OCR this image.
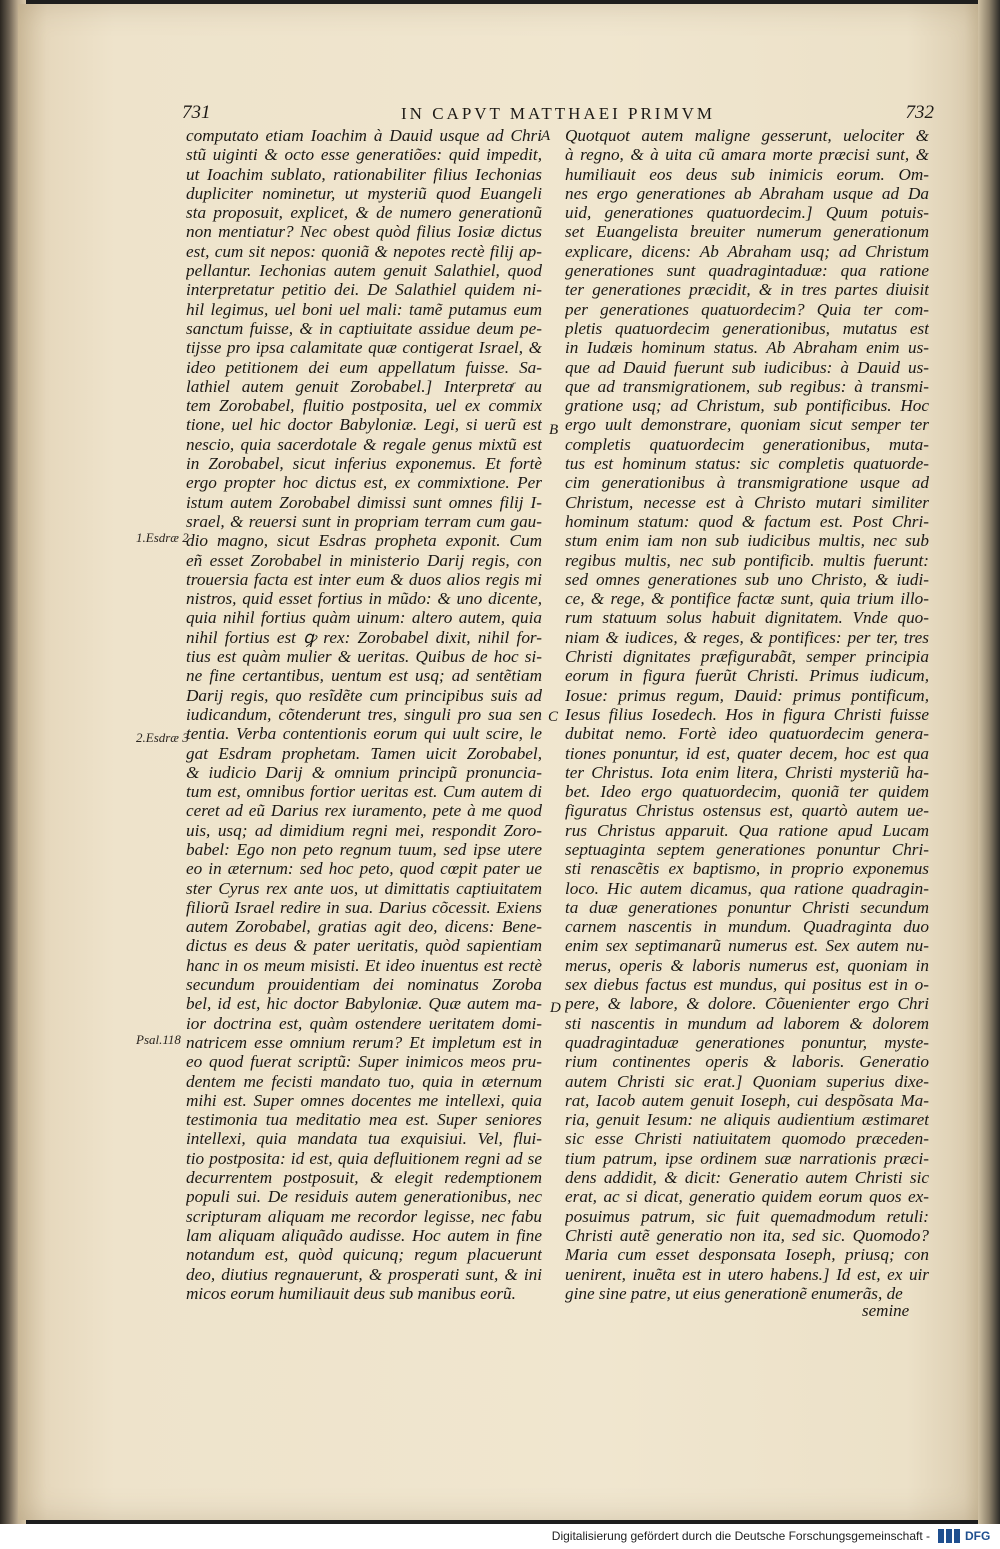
731	IN CAPVT MATTHAEI PRIMVM	732
computato etiam Ioachim à Dauid usque ad Chri
stũ uiginti & octo esse generatiões: quid impedit,
ut Ioachim sublato, rationabiliter filius Iechonias
dupliciter nominetur, ut mysteriũ quod Euangeli
sta proposuit, explicet, & de numero generationũ
non mentiatur? Nec obest quòd filius Iosiæ dictus
est, cum sit nepos: quoniã & nepotes rectè filij ap-
pellantur. Iechonias autem genuit Salathiel, quod
interpretatur petitio dei. De Salathiel quidem ni-
hil legimus, uel boni uel mali: tamẽ putamus eum
sanctum fuisse, & in captiuitate assidue deum pe-
tijsse pro ipsa calamitate quæ contigerat Israel, &
ideo petitionem dei eum appellatum fuisse. Sa-
lathiel autem genuit Zorobabel.] Interpretaͬ au
tem Zorobabel, fluitio postposita, uel ex commix
tione, uel hic doctor Babyloniæ. Legi, si uerũ est
nescio, quia sacerdotale & regale genus mixtũ est
in Zorobabel, sicut inferius exponemus. Et fortè
ergo propter hoc dictus est, ex commixtione. Per
istum autem Zorobabel dimissi sunt omnes filij I-
srael, & reuersi sunt in propriam terram cum gau-
dio magno, sicut Esdras propheta exponit. Cum
eñ esset Zorobabel in ministerio Darij regis, con
trouersia facta est inter eum & duos alios regis mi
nistros, quid esset fortius in mũdo: & uno dicente,
quia nihil fortius quàm uinum: altero autem, quia
nihil fortius est ꝙ rex: Zorobabel dixit, nihil for-
tius est quàm mulier & ueritas. Quibus de hoc si-
ne fine certantibus, uentum est usq; ad sentẽtiam
Darij regis, quo resĩdẽte cum principibus suis ad
iudicandum, cõtenderunt tres, singuli pro sua sen
tentia. Verba contentionis eorum qui uult scire, le
gat Esdram prophetam. Tamen uicit Zorobabel,
& iudicio Darij & omnium principũ pronuncia-
tum est, omnibus fortior ueritas est. Cum autem di
ceret ad eũ Darius rex iuramento, pete à me quod
uis, usq; ad dimidium regni mei, respondit Zoro-
babel: Ego non peto regnum tuum, sed ipse utere
eo in æternum: sed hoc peto, quod cœpit pater ue
ster Cyrus rex ante uos, ut dimittatis captiuitatem
filiorũ Israel redire in sua. Darius cõcessit. Exiens
autem Zorobabel, gratias agit deo, dicens: Bene-
dictus es deus & pater ueritatis, quòd sapientiam
hanc in os meum misisti. Et ideo inuentus est rectè
secundum prouidentiam dei nominatus Zoroba
bel, id est, hic doctor Babyloniæ. Quæ autem ma-
ior doctrina est, quàm ostendere ueritatem domi-
natricem esse omnium rerum? Et impletum est in
eo quod fuerat scriptũ: Super inimicos meos pru-
dentem me fecisti mandato tuo, quia in æternum
mihi est. Super omnes docentes me intellexi, quia
testimonia tua meditatio mea est. Super seniores
intellexi, quia mandata tua exquisiui. Vel, flui-
tio postposita: id est, quia defluitionem regni ad se
decurrentem postposuit, & elegit redemptionem
populi sui. De residuis autem generationibus, nec
scripturam aliquam me recordor legisse, nec fabu
lam aliquam aliquãdo audisse. Hoc autem in fine
notandum est, quòd quicunq; regum placuerunt
deo, diutius regnauerunt, & prosperati sunt, & ini
micos eorum humiliauit deus sub manibus eorũ.
Quotquot autem maligne gesserunt, uelociter &
à regno, & à uita cũ amara morte præcisi sunt, &
humiliauit eos deus sub inimicis eorum. Om-
nes ergo generationes ab Abraham usque ad Da
uid, generationes quatuordecim.] Quum potuis-
set Euangelista breuiter numerum generationum
explicare, dicens: Ab Abraham usq; ad Christum
generationes sunt quadragintaduæ: qua ratione
ter generationes præcidit, & in tres partes diuisit
per generationes quatuordecim? Quia ter com-
pletis quatuordecim generationibus, mutatus est
in Iudæis hominum status. Ab Abraham enim us-
que ad Dauid fuerunt sub iudicibus: à Dauid us-
que ad transmigrationem, sub regibus: à transmi-
gratione usq; ad Christum, sub pontificibus. Hoc
ergo uult demonstrare, quoniam sicut semper ter
completis quatuordecim generationibus, muta-
tus est hominum status: sic completis quatuorde-
cim generationibus à transmigratione usque ad
Christum, necesse est à Christo mutari similiter
hominum statum: quod & factum est. Post Chri-
stum enim iam non sub iudicibus multis, nec sub
regibus multis, nec sub pontificib. multis fuerunt:
sed omnes generationes sub uno Christo, & iudi-
ce, & rege, & pontifice factæ sunt, quia trium illo-
rum statuum solus habuit dignitatem. Vnde quo-
niam & iudices, & reges, & pontifices: per ter, tres
Christi dignitates præfigurabãt, semper principia
eorum in figura fuerũt Christi. Primus iudicum,
Iosue: primus regum, Dauid: primus pontificum,
Iesus filius Iosedech. Hos in figura Christi fuisse
dubitat nemo. Fortè ideo quatuordecim genera-
tiones ponuntur, id est, quater decem, hoc est qua
ter Christus. Iota enim litera, Christi mysteriũ ha-
bet. Ideo ergo quatuordecim, quoniã ter quidem
figuratus Christus ostensus est, quartò autem ue-
rus Christus apparuit. Qua ratione apud Lucam
septuaginta septem generationes ponuntur Chri-
sti renascẽtis ex baptismo, in proprio exponemus
loco. Hic autem dicamus, qua ratione quadragin-
ta duæ generationes ponuntur Christi secundum
carnem nascentis in mundum. Quadraginta duo
enim sex septimanarũ numerus est. Sex autem nu-
merus, operis & laboris numerus est, quoniam in
sex diebus factus est mundus, qui positus est in o-
pere, & labore, & dolore. Cõuenienter ergo Chri
sti nascentis in mundum ad laborem & dolorem
quadragintaduæ generationes ponuntur, myste-
rium continentes operis & laboris. Generatio
autem Christi sic erat.] Quoniam superius dixe-
rat, Iacob autem genuit Ioseph, cui despõsata Ma-
ria, genuit Iesum: ne aliquis audientium æstimaret
sic esse Christi natiuitatem quomodo præceden-
tium patrum, ipse ordinem suæ narrationis præci-
dens addidit, & dicit: Generatio autem Christi sic
erat, ac si dicat, generatio quidem eorum quos ex-
posuimus patrum, sic fuit quemadmodum retuli:
Christi autẽ generatio non ita, sed sic. Quomodo?
Maria cum esset desponsata Ioseph, priusq; con
uenirent, inuẽta est in utero habens.] Id est, ex uir
gine sine patre, ut eius generationẽ enumerãs, de
A
B
C
D
1.Esdræ 2
2.Esdræ 3
Psal.118
semine
Digitalisierung gefördert durch die Deutsche Forschungsgemeinschaft -	DFG
